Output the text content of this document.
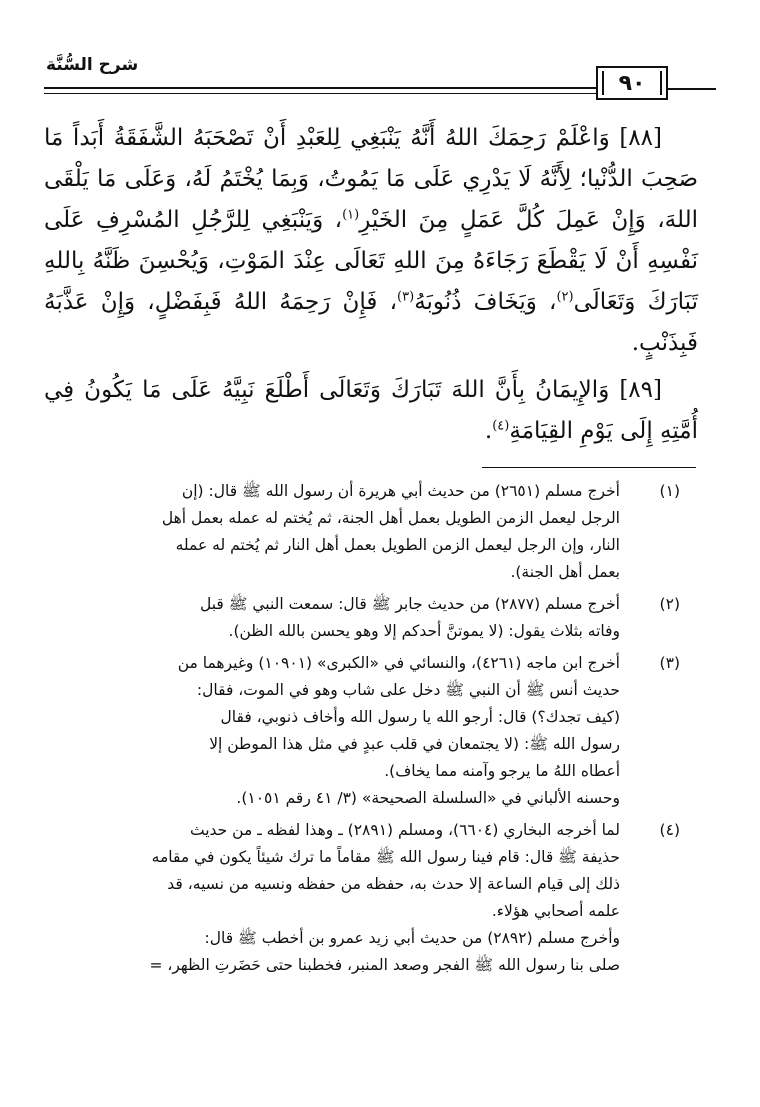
شرح السُّنَّة
٩٠

[٨٨] وَاعْلَمْ رَحِمَكَ اللهُ أَنَّهُ يَنْبَغِي لِلعَبْدِ أَنْ تَصْحَبَهُ الشَّفَقَةُ أَبَداً مَا صَحِبَ الدُّنْيا؛ لِأَنَّهُ لَا يَدْرِي عَلَى مَا يَمُوتُ، وَبِمَا يُخْتَمُ لَهُ، وَعَلَى مَا يَلْقَى اللهَ، وَإِنْ عَمِلَ كُلَّ عَمَلٍ مِنَ الخَيْرِ$^{(١)}$، وَيَنْبَغِي لِلرَّجُلِ المُسْرِفِ عَلَى نَفْسِهِ أَنْ لَا يَقْطَعَ رَجَاءَهُ مِنَ اللهِ تَعَالَى عِنْدَ المَوْتِ، وَيُحْسِنَ ظَنَّهُ بِاللهِ تَبَارَكَ وَتَعَالَى$^{(٢)}$، وَيَخَافَ ذُنُوبَهُ$^{(٣)}$، فَإِنْ رَحِمَهُ اللهُ فَبِفَضْلٍ، وَإِنْ عَذَّبَهُ فَبِذَنْبٍ.

[٨٩] وَالإِيمَانُ بِأَنَّ اللهَ تَبَارَكَ وَتَعَالَى أَطْلَعَ نَبِيَّهُ عَلَى مَا يَكُونُ فِي أُمَّتِهِ إِلَى يَوْمِ القِيَامَةِ$^{(٤)}$.

(١)
أخرج مسلم (٢٦٥١) من حديث أبي هريرة أن رسول الله ﷺ قال: (إن
الرجل ليعمل الزمن الطويل بعمل أهل الجنة، ثم يُختم له عمله بعمل أهل
النار، وإن الرجل ليعمل الزمن الطويل بعمل أهل النار ثم يُختم له عمله
بعمل أهل الجنة).
(٢)
أخرج مسلم (٢٨٧٧) من حديث جابر ﷺ قال: سمعت النبي ﷺ قبل
وفاته بثلاث يقول: (لا يموتنَّ أحدكم إلا وهو يحسن بالله الظن).
(٣)
أخرج ابن ماجه (٤٢٦١)، والنسائي في «الكبرى» (١٠٩٠١) وغيرهما من
حديث أنس ﷺ أن النبي ﷺ دخل على شاب وهو في الموت، فقال:
(كيف تجدك؟) قال: أرجو الله يا رسول الله وأخاف ذنوبي، فقال
رسول الله ﷺ: (لا يجتمعان في قلب عبدٍ في مثل هذا الموطن إلا
أعطاه اللهُ ما يرجو وآمنه مما يخاف).
وحسنه الألباني في «السلسلة الصحيحة» (٣/ ٤١ رقم ١٠٥١).
(٤)
لما أخرجه البخاري (٦٦٠٤)، ومسلم (٢٨٩١) ـ وهذا لفظه ـ من حديث
حذيفة ﷺ قال: قام فينا رسول الله ﷺ مقاماً ما ترك شيئاً يكون في مقامه
ذلك إلى قيام الساعة إلا حدث به، حفظه من حفظه ونسيه من نسيه، قد
علمه أصحابي هؤلاء.
وأخرج مسلم (٢٨٩٢) من حديث أبي زيد عمرو بن أخطب ﷺ قال:
صلى بنا رسول الله ﷺ الفجر وصعد المنبر، فخطبنا حتى حَضَرتِ الظهر، =
